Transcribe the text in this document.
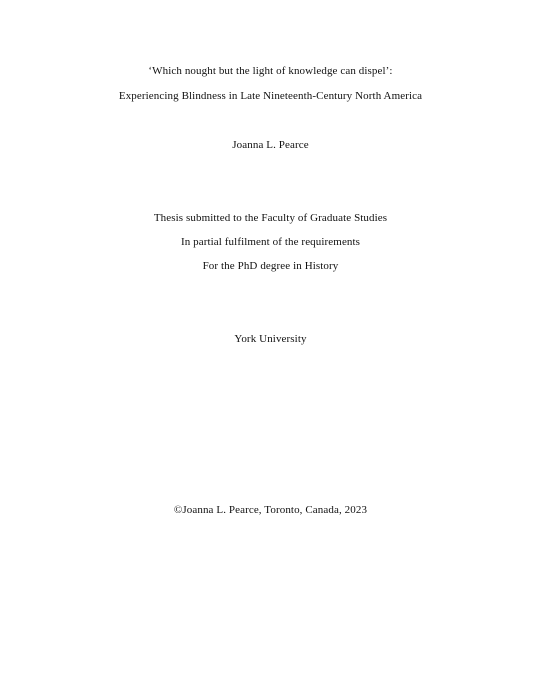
‘Which nought but the light of knowledge can dispel’:
Experiencing Blindness in Late Nineteenth-Century North America
Joanna L. Pearce
Thesis submitted to the Faculty of Graduate Studies
In partial fulfilment of the requirements
For the PhD degree in History
York University
©Joanna L. Pearce, Toronto, Canada, 2023
